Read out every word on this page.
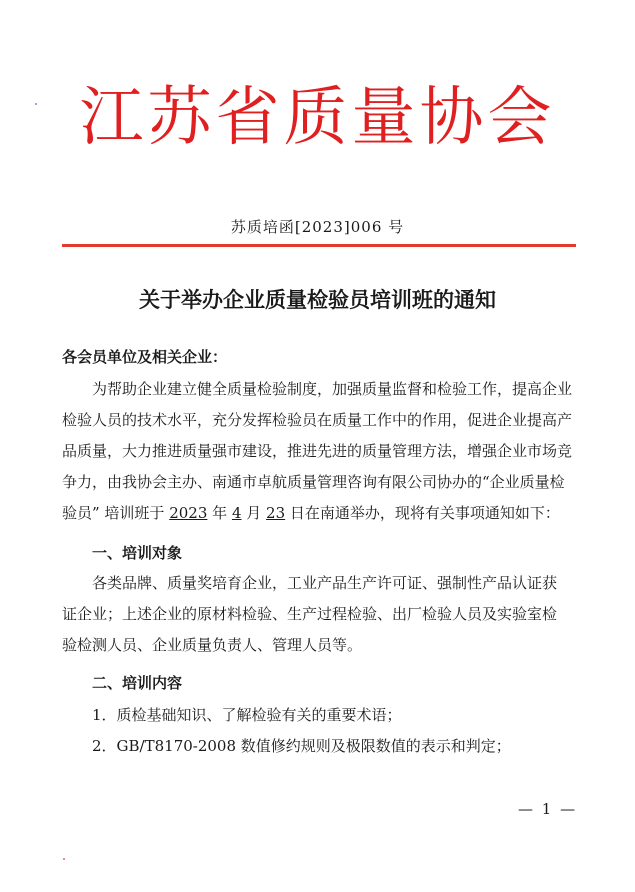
江苏省质量协会
苏质培函[2023]006 号
关于举办企业质量检验员培训班的通知
各会员单位及相关企业：
为帮助企业建立健全质量检验制度，加强质量监督和检验工作，提高企业
检验人员的技术水平，充分发挥检验员在质量工作中的作用，促进企业提高产
品质量，大力推进质量强市建设，推进先进的质量管理方法，增强企业市场竞
争力，由我协会主办、南通市卓航质量管理咨询有限公司协办的“企业质量检
验员” 培训班于 2023 年 4 月 23 日在南通举办，现将有关事项通知如下：
一、培训对象
各类品牌、质量奖培育企业，工业产品生产许可证、强制性产品认证获
证企业；上述企业的原材料检验、生产过程检验、出厂检验人员及实验室检
验检测人员、企业质量负责人、管理人员等。
二、培训内容
1．质检基础知识、了解检验有关的重要术语；
2．GB/T8170-2008 数值修约规则及极限数值的表示和判定；
— 1 —
